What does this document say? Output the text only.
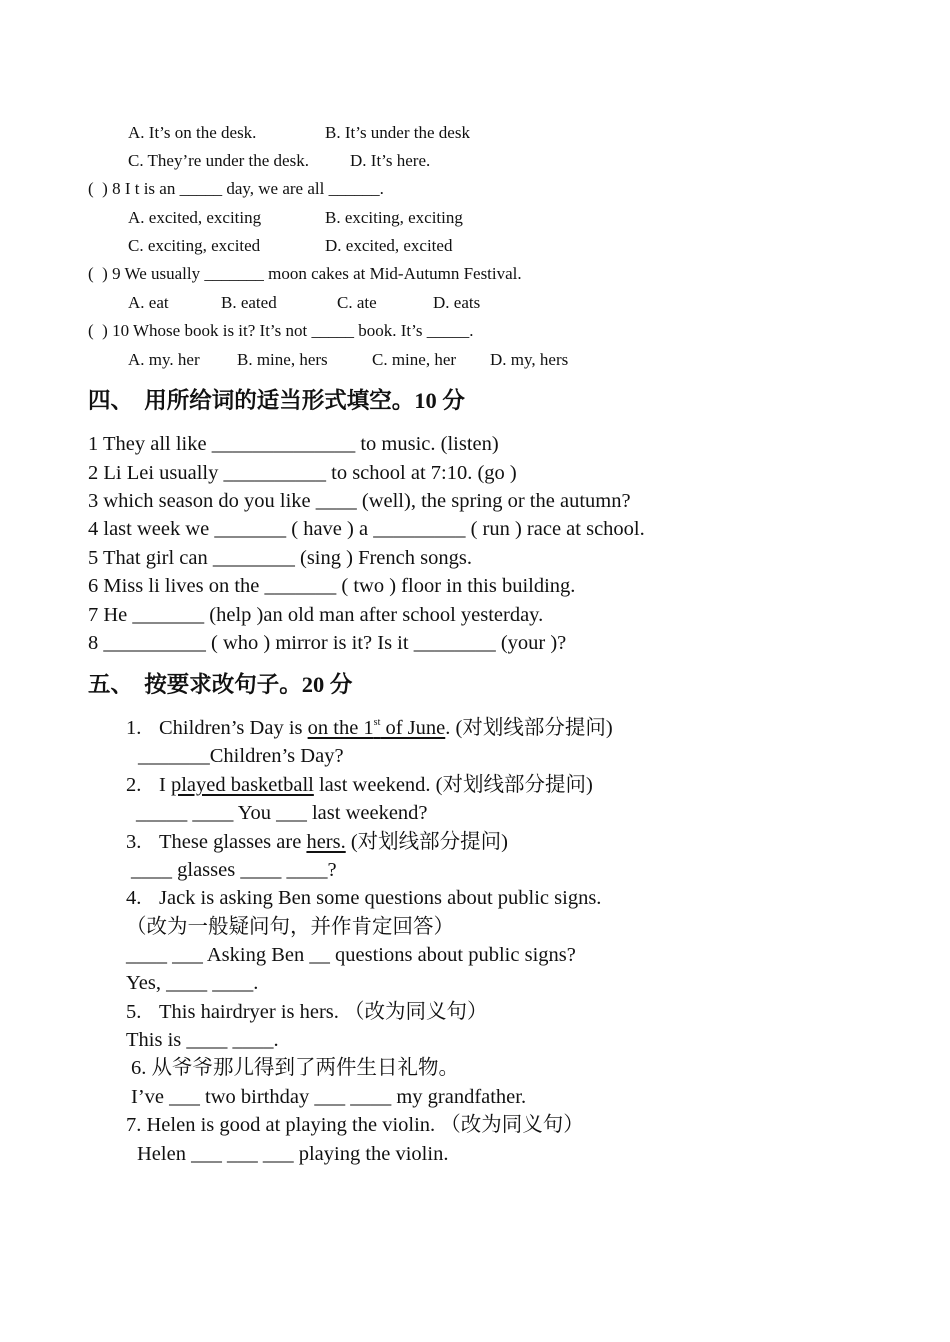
A. It’s on the desk.	B. It’s under the desk
C. They’re under the desk. D. It’s here.
(  ) 8 I t is an _____ day, we are all ______.
A. excited, exciting	B. exciting, exciting
C. exciting, excited	D. excited, excited
(  ) 9 We usually _______ moon cakes at Mid-Autumn Festival.
A. eat	B. eated	C. ate	D. eats
(  ) 10 Whose book is it? It’s not _____ book. It’s _____.
A. my. her B. mine, hers	C. mine, her D. my, hers
四、  用所给词的适当形式填空。10 分
1 They all like ______________ to music. (listen)
2 Li Lei usually __________ to school at 7:10. (go )
3 which season do you like ____ (well), the spring or the autumn?
4 last week we _______ ( have ) a _________ ( run ) race at school.
5 That girl can ________ (sing ) French songs.
6 Miss li lives on the _______ ( two ) floor in this building.
7 He _______ (help )an old man after school yesterday.
8 __________ ( who ) mirror is it? Is it ________ (your )?
五、  按要求改句子。20 分
1. Children’s Day is on the 1st of June. (对划线部分提问)
_______Children’s Day?
2. I played basketball last weekend. (对划线部分提问)
_____ ____ You ___ last weekend?
3. These glasses are hers. (对划线部分提问)
____ glasses ____ ____?
4. Jack is asking Ben some questions about public signs.
（改为一般疑问句，并作肯定回答）
____ ___ Asking Ben __ questions about public signs?
Yes, ____ ____.
5. This hairdryer is hers. （改为同义句）
This is ____ ____.
6. 从爷爷那儿得到了两件生日礼物。
I’ve ___ two birthday ___ ____ my grandfather.
7. Helen is good at playing the violin. （改为同义句）
Helen ___ ___ ___ playing the violin.
